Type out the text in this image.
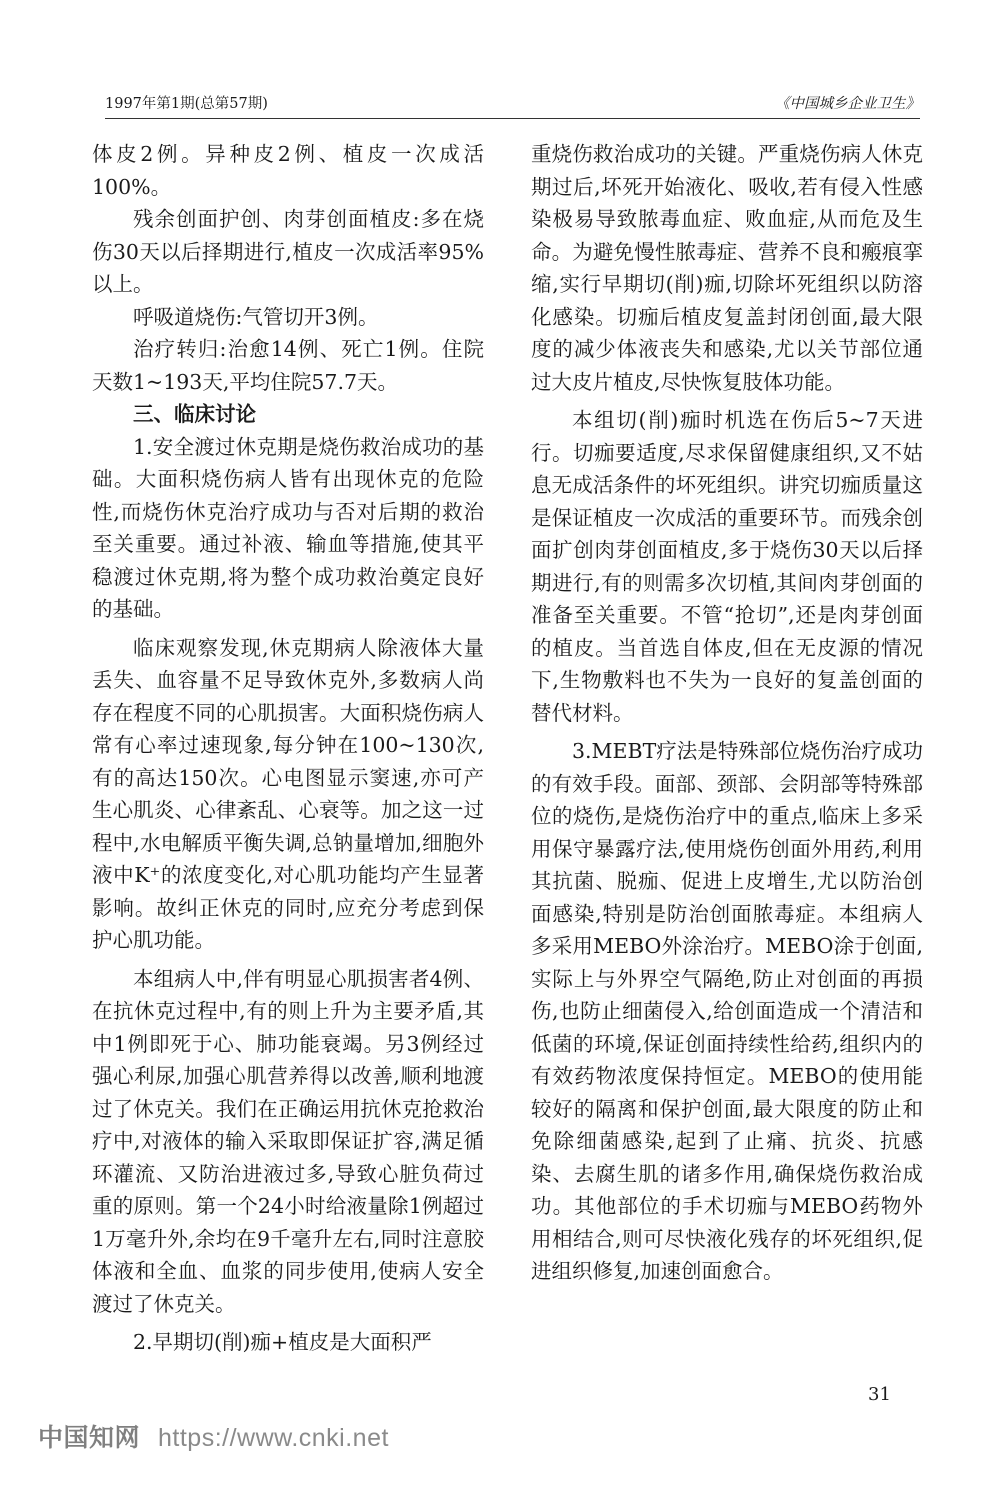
1997年第1期(总第57期)	《中国城乡企业卫生》

体皮2例。异种皮2例、植皮一次成活100%。

残余创面护创、肉芽创面植皮:多在烧伤30天以后择期进行,植皮一次成活率95%以上。

呼吸道烧伤:气管切开3例。

治疗转归:治愈14例、死亡1例。住院天数1~193天,平均住院57.7天。

三、临床讨论

1.安全渡过休克期是烧伤救治成功的基础。大面积烧伤病人皆有出现休克的危险性,而烧伤休克治疗成功与否对后期的救治至关重要。通过补液、输血等措施,使其平稳渡过休克期,将为整个成功救治奠定良好的基础。

临床观察发现,休克期病人除液体大量丢失、血容量不足导致休克外,多数病人尚存在程度不同的心肌损害。大面积烧伤病人常有心率过速现象,每分钟在100~130次,有的高达150次。心电图显示窦速,亦可产生心肌炎、心律紊乱、心衰等。加之这一过程中,水电解质平衡失调,总钠量增加,细胞外液中K⁺的浓度变化,对心肌功能均产生显著影响。故纠正休克的同时,应充分考虑到保护心肌功能。

本组病人中,伴有明显心肌损害者4例、在抗休克过程中,有的则上升为主要矛盾,其中1例即死于心、肺功能衰竭。另3例经过强心利尿,加强心肌营养得以改善,顺利地渡过了休克关。我们在正确运用抗休克抢救治疗中,对液体的输入采取即保证扩容,满足循环灌流、又防治进液过多,导致心脏负荷过重的原则。第一个24小时给液量除1例超过1万毫升外,余均在9千毫升左右,同时注意胶体液和全血、血浆的同步使用,使病人安全渡过了休克关。

2.早期切(削)痂+植皮是大面积严

重烧伤救治成功的关键。严重烧伤病人休克期过后,坏死开始液化、吸收,若有侵入性感染极易导致脓毒血症、败血症,从而危及生命。为避免慢性脓毒症、营养不良和瘢痕挛缩,实行早期切(削)痂,切除坏死组织以防溶化感染。切痂后植皮复盖封闭创面,最大限度的减少体液丧失和感染,尤以关节部位通过大皮片植皮,尽快恢复肢体功能。

本组切(削)痂时机选在伤后5~7天进行。切痂要适度,尽求保留健康组织,又不姑息无成活条件的坏死组织。讲究切痂质量这是保证植皮一次成活的重要环节。而残余创面扩创肉芽创面植皮,多于烧伤30天以后择期进行,有的则需多次切植,其间肉芽创面的准备至关重要。不管“抢切”,还是肉芽创面的植皮。当首选自体皮,但在无皮源的情况下,生物敷料也不失为一良好的复盖创面的替代材料。

3.MEBT疗法是特殊部位烧伤治疗成功的有效手段。面部、颈部、会阴部等特殊部位的烧伤,是烧伤治疗中的重点,临床上多采用保守暴露疗法,使用烧伤创面外用药,利用其抗菌、脱痂、促进上皮增生,尤以防治创面感染,特别是防治创面脓毒症。本组病人多采用MEBO外涂治疗。MEBO涂于创面,实际上与外界空气隔绝,防止对创面的再损伤,也防止细菌侵入,给创面造成一个清洁和低菌的环境,保证创面持续性给药,组织内的有效药物浓度保持恒定。MEBO的使用能较好的隔离和保护创面,最大限度的防止和免除细菌感染,起到了止痛、抗炎、抗感染、去腐生肌的诸多作用,确保烧伤救治成功。其他部位的手术切痂与MEBO药物外用相结合,则可尽快液化残存的坏死组织,促进组织修复,加速创面愈合。

31
中国知网 https://www.cnki.net
